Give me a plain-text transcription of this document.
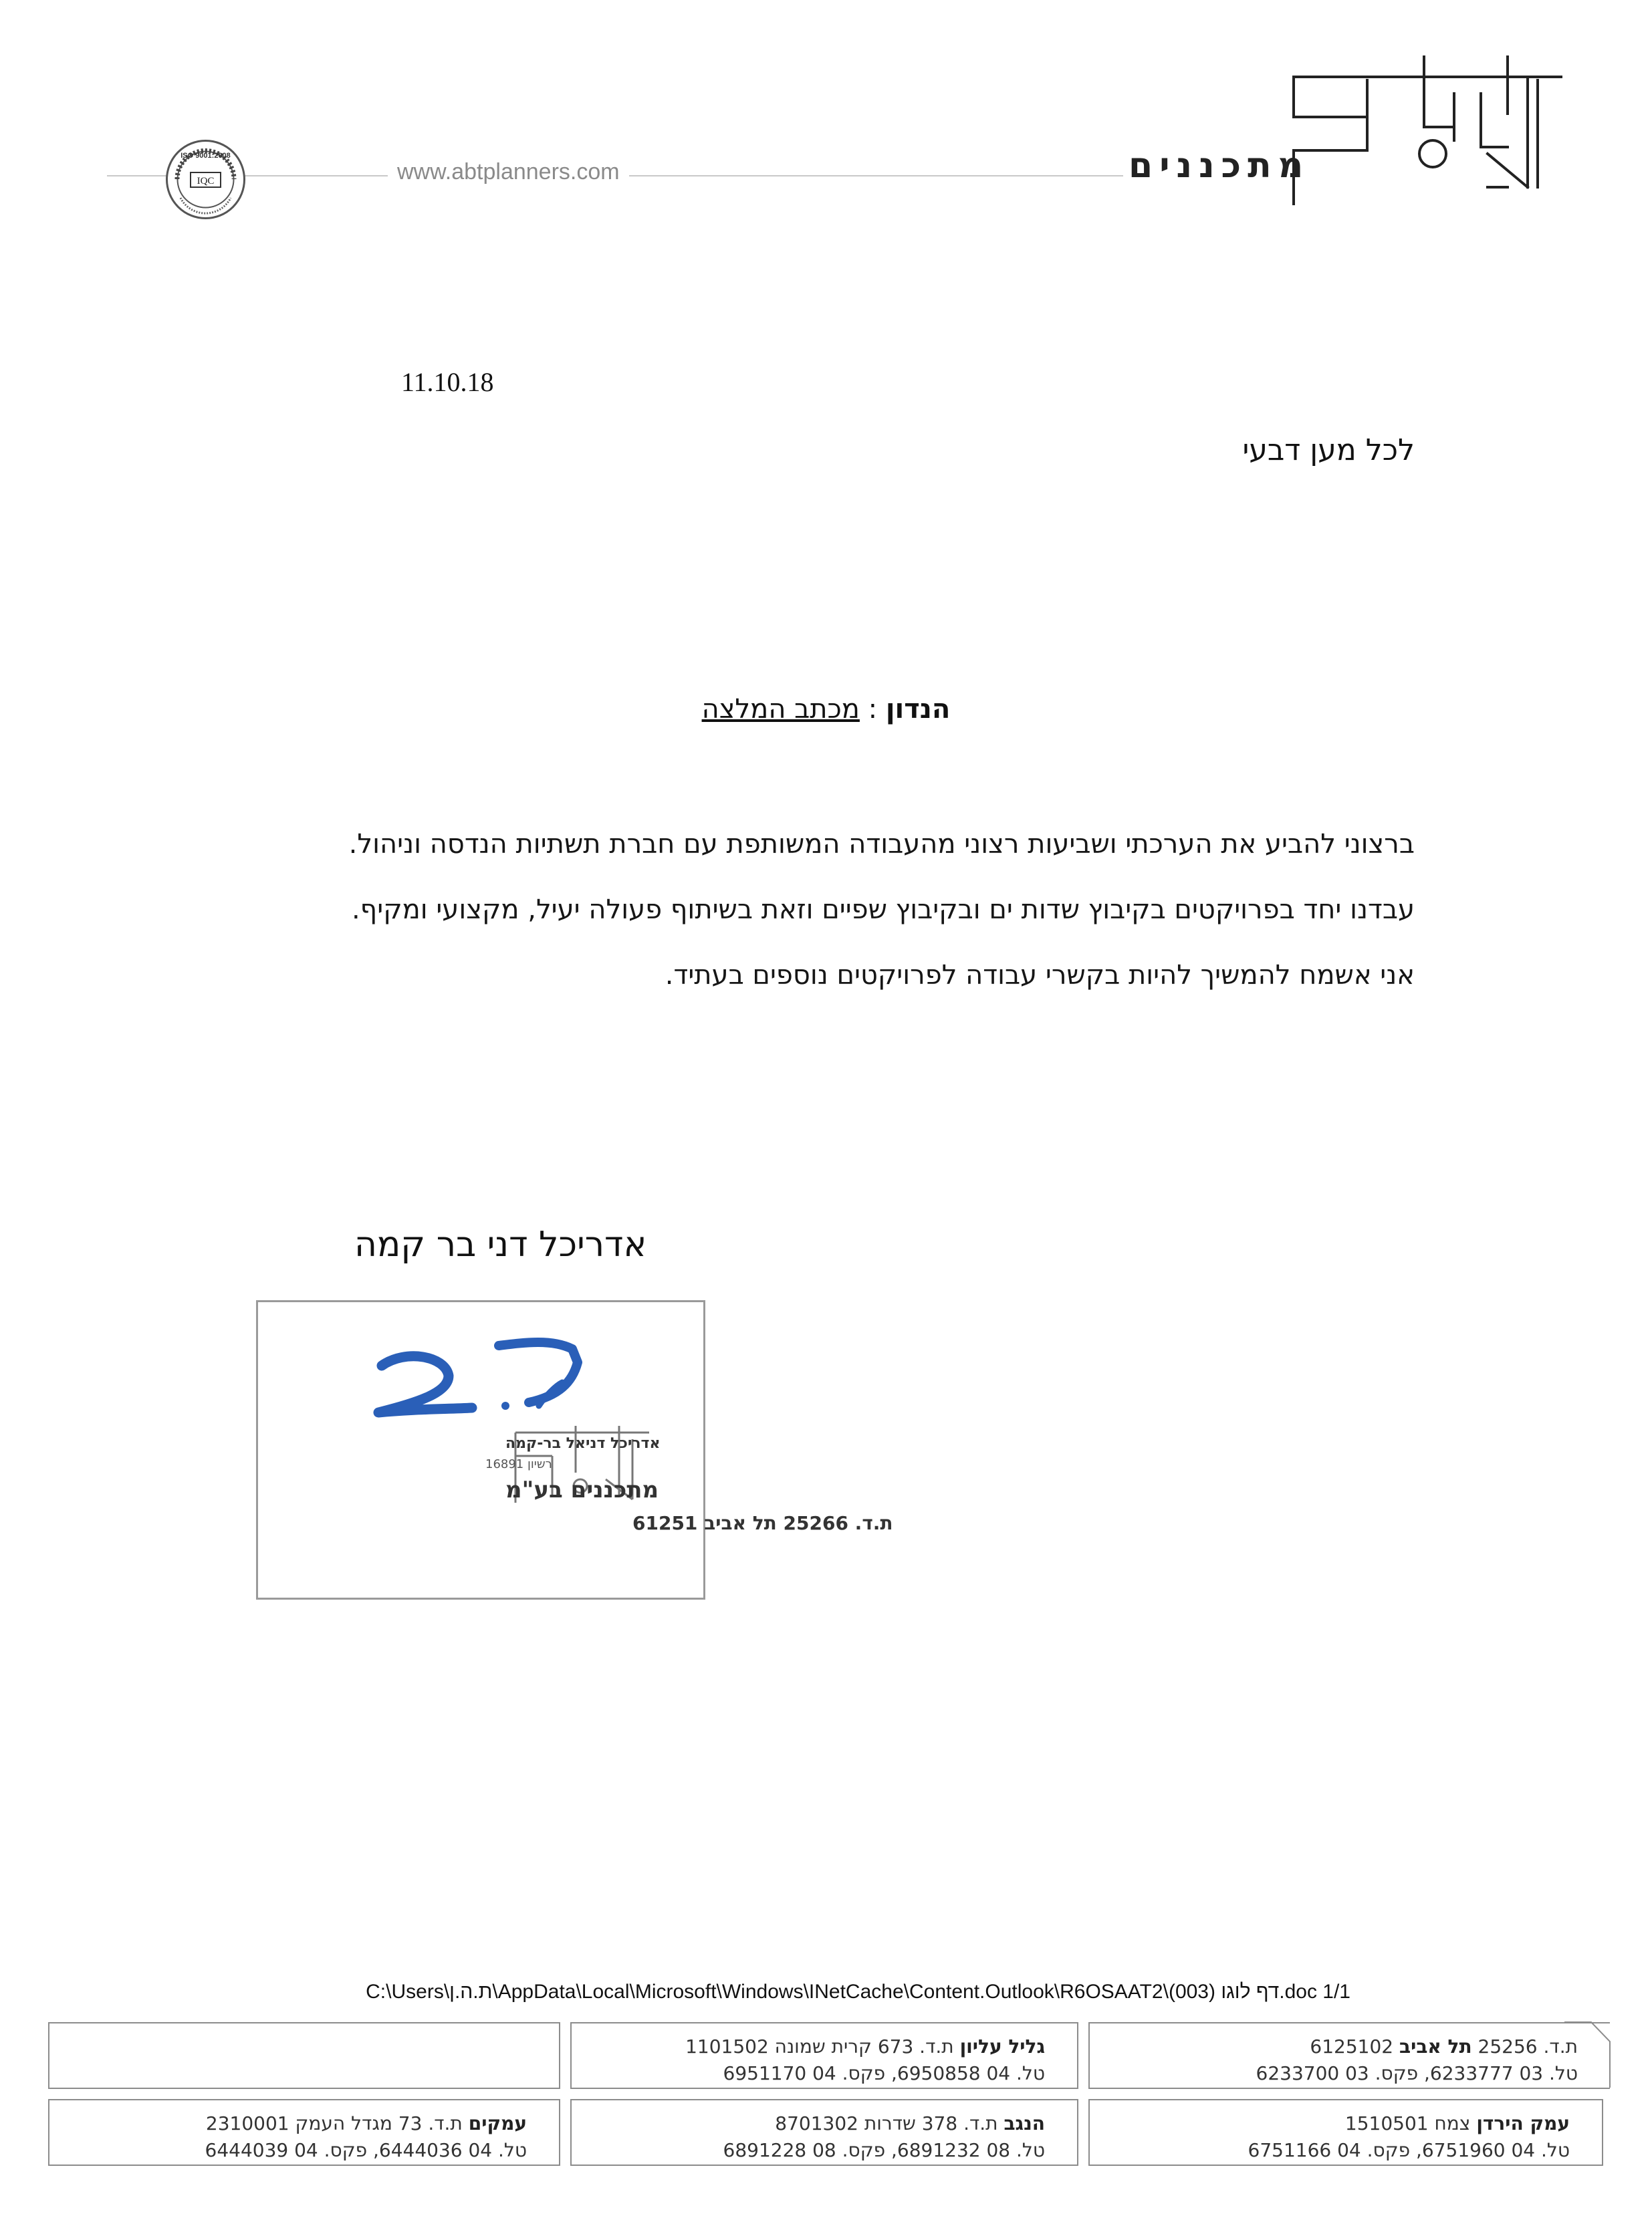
IQC
ISO 9001:2008
www.abtplanners.com	מתכננים
11.10.18
לכל מען דבעי
הנדון : מכתב המלצה
ברצוני להביע את הערכתי ושביעות רצוני מהעבודה המשותפת עם חברת תשתיות הנדסה וניהול.
עבדנו יחד בפרויקטים בקיבוץ שדות ים ובקיבוץ שפיים וזאת בשיתוף פעולה יעיל, מקצועי ומקיף.
אני אשמח להמשיך להיות בקשרי עבודה לפרויקטים נוספים בעתיד.
אדריכל דני בר קמה
אדריכל דניאל בר-קמה
רשיון 16891
מתכננים בע"מ
ת.ד. 25266 תל אביב 61251
C:\Users\ת.ה.ן\AppData\Local\Microsoft\Windows\INetCache\Content.Outlook\R6OSAAT2\דף לוגו (003).doc 1/1
ת.ד. 25256 תל אביב 6125102
טל. 03 6233777, פקס. 03 6233700
גליל עליון ת.ד. 673 קרית שמונה 1101502
טל. 04 6950858, פקס. 04 6951170
עמק הירדן צמח 1510501
טל. 04 6751960, פקס. 04 6751166
הנגב ת.ד. 378 שדרות 8701302
טל. 08 6891232, פקס. 08 6891228
עמקים ת.ד. 73 מגדל העמק 2310001
טל. 04 6444036, פקס. 04 6444039
